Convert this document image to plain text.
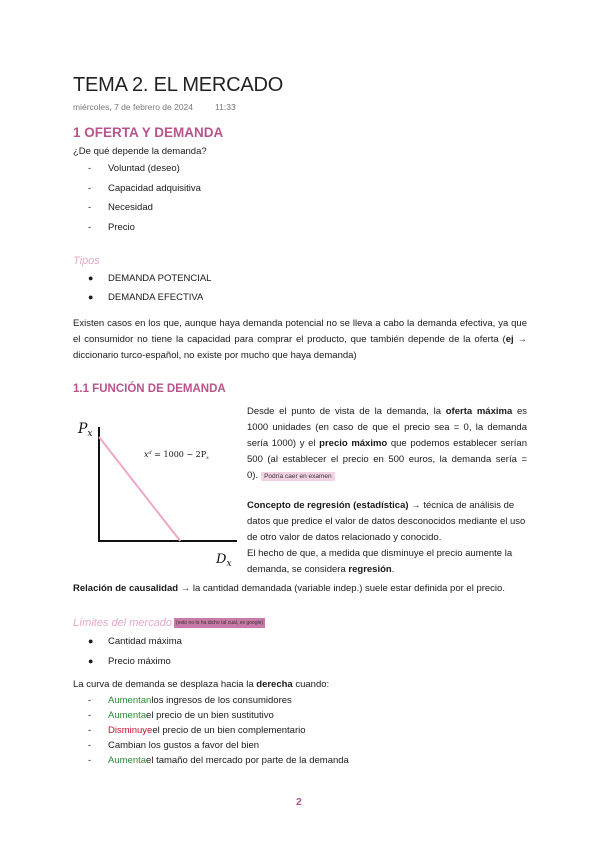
TEMA 2. EL MERCADO
miércoles, 7 de febrero de 2024	11:33
1 OFERTA Y DEMANDA
¿De qué depende la demanda?
-	Voluntad (deseo)
-	Capacidad adquisitiva
-	Necesidad
-	Precio
Tipos
●	DEMANDA POTENCIAL
●	DEMANDA EFECTIVA
Existen casos en los que, aunque haya demanda potencial no se lleva a cabo la demanda efectiva, ya que el consumidor no tiene la capacidad para comprar el producto, que también depende de la oferta (ej → diccionario turco-español, no existe por mucho que haya demanda)
1.1 FUNCIÓN DE DEMANDA
$P_x$
$D_x$
$x^d = 1000 - 2P_x$
Desde el punto de vista de la demanda, la oferta máxima es 1000 unidades (en caso de que el precio sea = 0, la demanda sería 1000) y el precio máximo que podemos establecer serían 500 (al establecer el precio en 500 euros, la demanda sería = 0). Podría caer en examen
Concepto de regresión (estadística) → técnica de análisis de datos que predice el valor de datos desconocidos mediante el uso de otro valor de datos relacionado y conocido.
El hecho de que, a medida que disminuye el precio aumente la demanda, se considera regresión.
Relación de causalidad → la cantidad demandada (variable indep.) suele estar definida por el precio.
Límites del mercado (esto no lo ha dicho tal cual, es google)
●	Cantidad máxima
●	Precio máximo
La curva de demanda se desplaza hacia la derecha cuando:
-	Aumentan los ingresos de los consumidores
-	Aumenta el precio de un bien sustitutivo
-	Disminuye el precio de un bien complementario
-	Cambian los gustos a favor del bien
-	Aumenta el tamaño del mercado por parte de la demanda
2
